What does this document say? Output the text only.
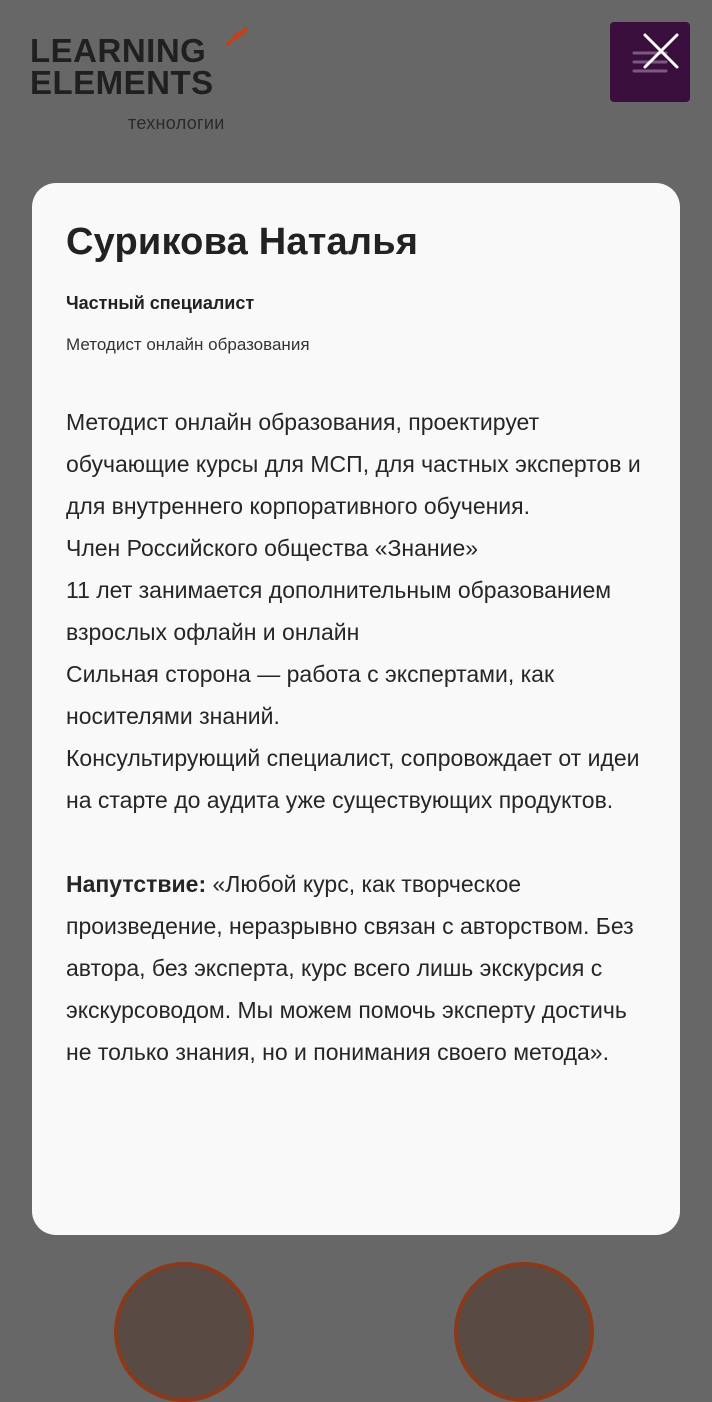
LEARNING
ELEMENTS
технологии
Сурикова Наталья
Частный специалист
Методист онлайн образования
Методист онлайн образования, проектирует обучающие курсы для МСП, для частных экспертов и для внутреннего корпоративного обучения.
Член Российского общества «Знание»
11 лет занимается дополнительным образованием взрослых офлайн и онлайн
Сильная сторона — работа с экспертами, как носителями знаний.
Консультирующий специалист, сопровождает от идеи на старте до аудита уже существующих продуктов.
Напутствие: «Любой курс, как творческое произведение, неразрывно связан с авторством. Без автора, без эксперта, курс всего лишь экскурсия с экскурсоводом. Мы можем помочь эксперту достичь не только знания, но и понимания своего метода».
